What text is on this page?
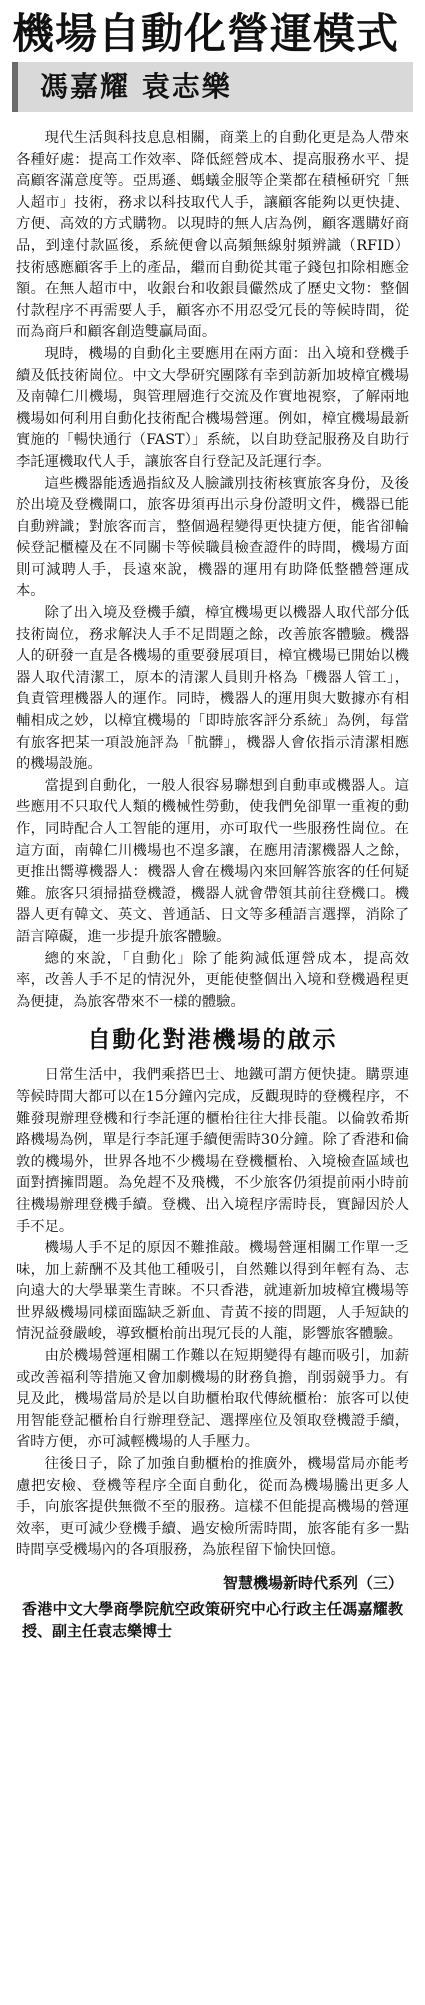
機場自動化營運模式
馮嘉耀 袁志樂

現代生活與科技息息相關，商業上的自動化更是為人帶來各種好處：提高工作效率、降低經營成本、提高服務水平、提高顧客滿意度等。亞馬遜、螞蟻金服等企業都在積極研究「無人超市」技術，務求以科技取代人手，讓顧客能夠以更快捷、方便、高效的方式購物。以現時的無人店為例，顧客選購好商品，到達付款區後，系統便會以高頻無線射頻辨識（RFID）技術感應顧客手上的產品，繼而自動從其電子錢包扣除相應金額。在無人超市中，收銀台和收銀員儼然成了歷史文物：整個付款程序不再需要人手，顧客亦不用忍受冗長的等候時間，從而為商戶和顧客創造雙贏局面。

現時，機場的自動化主要應用在兩方面：出入境和登機手續及低技術崗位。中文大學研究團隊有幸到訪新加坡樟宜機場及南韓仁川機場，與管理層進行交流及作實地視察，了解兩地機場如何利用自動化技術配合機場營運。例如，樟宜機場最新實施的「暢快通行（FAST）」系統，以自助登記服務及自助行李託運機取代人手，讓旅客自行登記及託運行李。

這些機器能透過指紋及人臉識別技術核實旅客身份，及後於出境及登機閘口，旅客毋須再出示身份證明文件，機器已能自動辨識；對旅客而言，整個過程變得更快捷方便，能省卻輪候登記櫃檯及在不同關卡等候職員檢查證件的時間，機場方面則可減聘人手，長遠來說，機器的運用有助降低整體營運成本。

除了出入境及登機手續，樟宜機場更以機器人取代部分低技術崗位，務求解決人手不足問題之餘，改善旅客體驗。機器人的研發一直是各機場的重要發展項目，樟宜機場已開始以機器人取代清潔工，原本的清潔人員則升格為「機器人管工」，負責管理機器人的運作。同時，機器人的運用與大數據亦有相輔相成之妙，以樟宜機場的「即時旅客評分系統」為例，每當有旅客把某一項設施評為「骯髒」，機器人會依指示清潔相應的機場設施。

當提到自動化，一般人很容易聯想到自動車或機器人。這些應用不只取代人類的機械性勞動，使我們免卻單一重複的動作，同時配合人工智能的運用，亦可取代一些服務性崗位。在這方面，南韓仁川機場也不遑多讓，在應用清潔機器人之餘，更推出嚮導機器人：機器人會在機場內來回解答旅客的任何疑難。旅客只須掃描登機證，機器人就會帶領其前往登機口。機器人更有韓文、英文、普通話、日文等多種語言選擇，消除了語言障礙，進一步提升旅客體驗。

總的來說，「自動化」除了能夠減低運營成本，提高效率，改善人手不足的情況外，更能使整個出入境和登機過程更為便捷，為旅客帶來不一樣的體驗。

自動化對港機場的啟示

日常生活中，我們乘搭巴士、地鐵可謂方便快捷。購票連等候時間大都可以在15分鐘內完成，反觀現時的登機程序，不難發現辦理登機和行李託運的櫃枱往往大排長龍。以倫敦希斯路機場為例，單是行李託運手續便需時30分鐘。除了香港和倫敦的機場外，世界各地不少機場在登機櫃枱、入境檢查區域也面對擠擁問題。為免趕不及飛機，不少旅客仍須提前兩小時前往機場辦理登機手續。登機、出入境程序需時長，實歸因於人手不足。

機場人手不足的原因不難推敲。機場營運相關工作單一乏味，加上薪酬不及其他工種吸引，自然難以得到年輕有為、志向遠大的大學畢業生青睞。不只香港，就連新加坡樟宜機場等世界級機場同樣面臨缺乏新血、青黃不接的問題，人手短缺的情況益發嚴峻，導致櫃枱前出現冗長的人龍，影響旅客體驗。

由於機場營運相關工作難以在短期變得有趣而吸引，加薪或改善福利等措施又會加劇機場的財務負擔，削弱競爭力。有見及此，機場當局於是以自助櫃枱取代傳統櫃枱：旅客可以使用智能登記櫃枱自行辦理登記、選擇座位及領取登機證手續，省時方便，亦可減輕機場的人手壓力。

往後日子，除了加強自動櫃枱的推廣外，機場當局亦能考慮把安檢、登機等程序全面自動化，從而為機場騰出更多人手，向旅客提供無微不至的服務。這樣不但能提高機場的營運效率，更可減少登機手續、過安檢所需時間，旅客能有多一點時間享受機場內的各項服務，為旅程留下愉快回憶。

智慧機場新時代系列（三）
香港中文大學商學院航空政策研究中心行政主任馮嘉耀教授、副主任袁志樂博士
